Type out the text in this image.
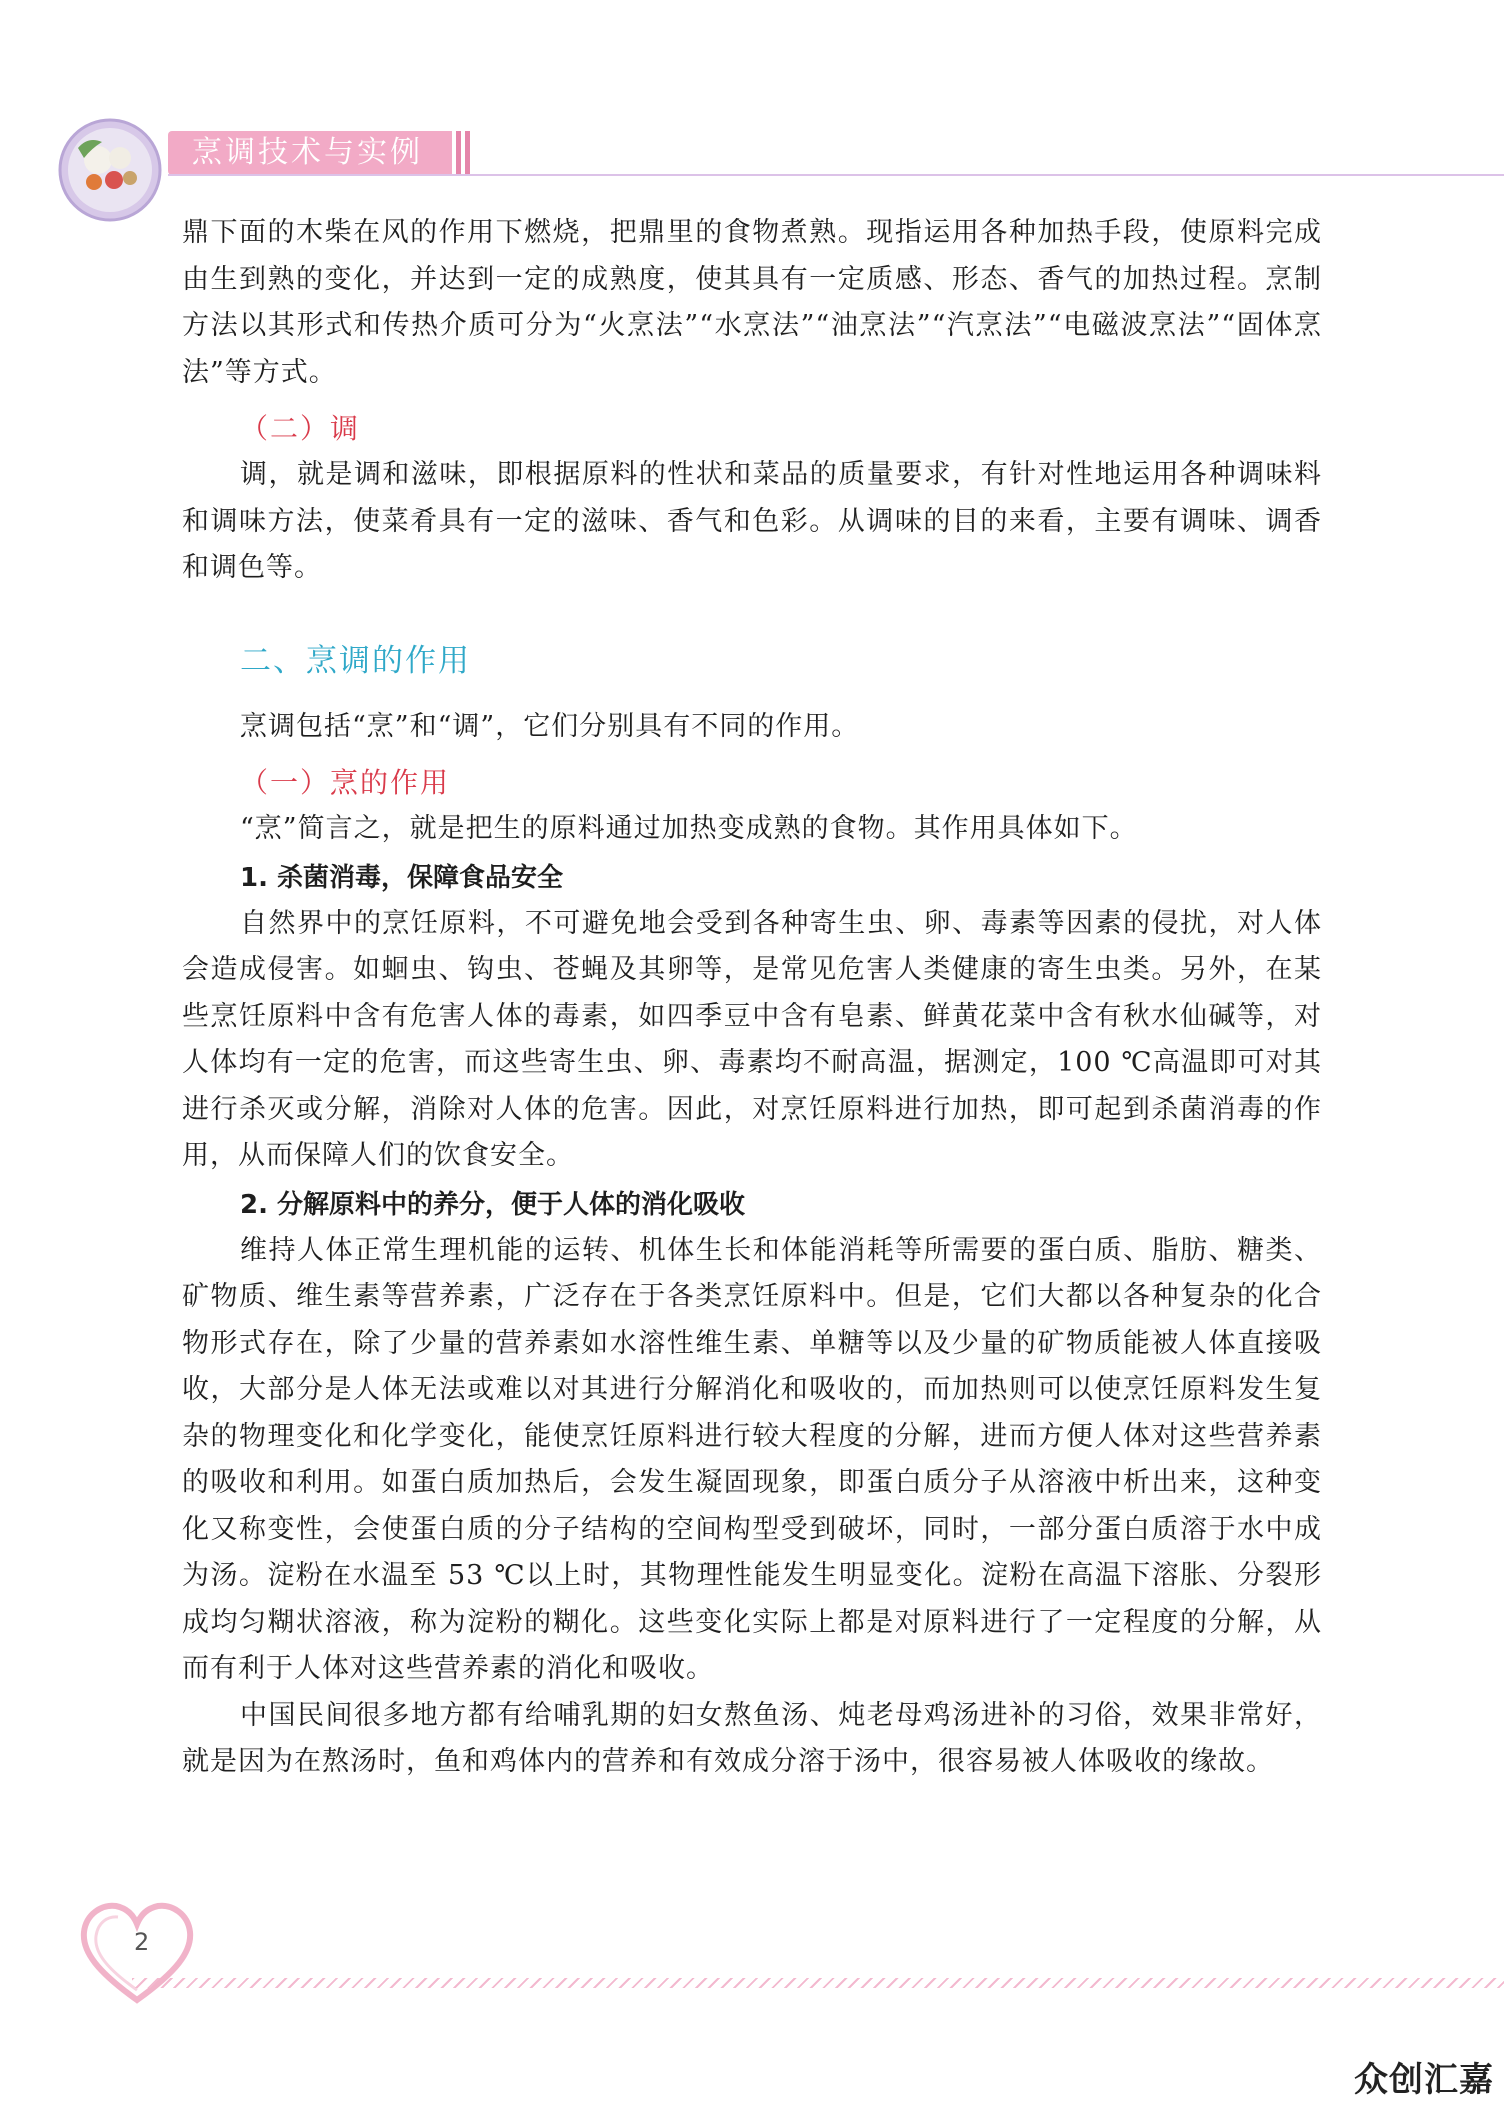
烹调技术与实例

鼎下面的木柴在风的作用下燃烧，把鼎里的食物煮熟。现指运用各种加热手段，使原料完成由生到熟的变化，并达到一定的成熟度，使其具有一定质感、形态、香气的加热过程。烹制方法以其形式和传热介质可分为“火烹法”“水烹法”“油烹法”“汽烹法”“电磁波烹法”“固体烹法”等方式。

（二）调

调，就是调和滋味，即根据原料的性状和菜品的质量要求，有针对性地运用各种调味料和调味方法，使菜肴具有一定的滋味、香气和色彩。从调味的目的来看，主要有调味、调香和调色等。

二、烹调的作用

烹调包括“烹”和“调”，它们分别具有不同的作用。

（一）烹的作用

“烹”简言之，就是把生的原料通过加热变成熟的食物。其作用具体如下。

1. 杀菌消毒，保障食品安全

自然界中的烹饪原料，不可避免地会受到各种寄生虫、卵、毒素等因素的侵扰，对人体会造成侵害。如蛔虫、钩虫、苍蝇及其卵等，是常见危害人类健康的寄生虫类。另外，在某些烹饪原料中含有危害人体的毒素，如四季豆中含有皂素、鲜黄花菜中含有秋水仙碱等，对人体均有一定的危害，而这些寄生虫、卵、毒素均不耐高温，据测定，100 ℃高温即可对其进行杀灭或分解，消除对人体的危害。因此，对烹饪原料进行加热，即可起到杀菌消毒的作用，从而保障人们的饮食安全。

2. 分解原料中的养分，便于人体的消化吸收

维持人体正常生理机能的运转、机体生长和体能消耗等所需要的蛋白质、脂肪、糖类、矿物质、维生素等营养素，广泛存在于各类烹饪原料中。但是，它们大都以各种复杂的化合物形式存在，除了少量的营养素如水溶性维生素、单糖等以及少量的矿物质能被人体直接吸收，大部分是人体无法或难以对其进行分解消化和吸收的，而加热则可以使烹饪原料发生复杂的物理变化和化学变化，能使烹饪原料进行较大程度的分解，进而方便人体对这些营养素的吸收和利用。如蛋白质加热后，会发生凝固现象，即蛋白质分子从溶液中析出来，这种变化又称变性，会使蛋白质的分子结构的空间构型受到破坏，同时，一部分蛋白质溶于水中成为汤。淀粉在水温至 53 ℃以上时，其物理性能发生明显变化。淀粉在高温下溶胀、分裂形成均匀糊状溶液，称为淀粉的糊化。这些变化实际上都是对原料进行了一定程度的分解，从而有利于人体对这些营养素的消化和吸收。

中国民间很多地方都有给哺乳期的妇女熬鱼汤、炖老母鸡汤进补的习俗，效果非常好，就是因为在熬汤时，鱼和鸡体内的营养和有效成分溶于汤中，很容易被人体吸收的缘故。

2
众创汇嘉
